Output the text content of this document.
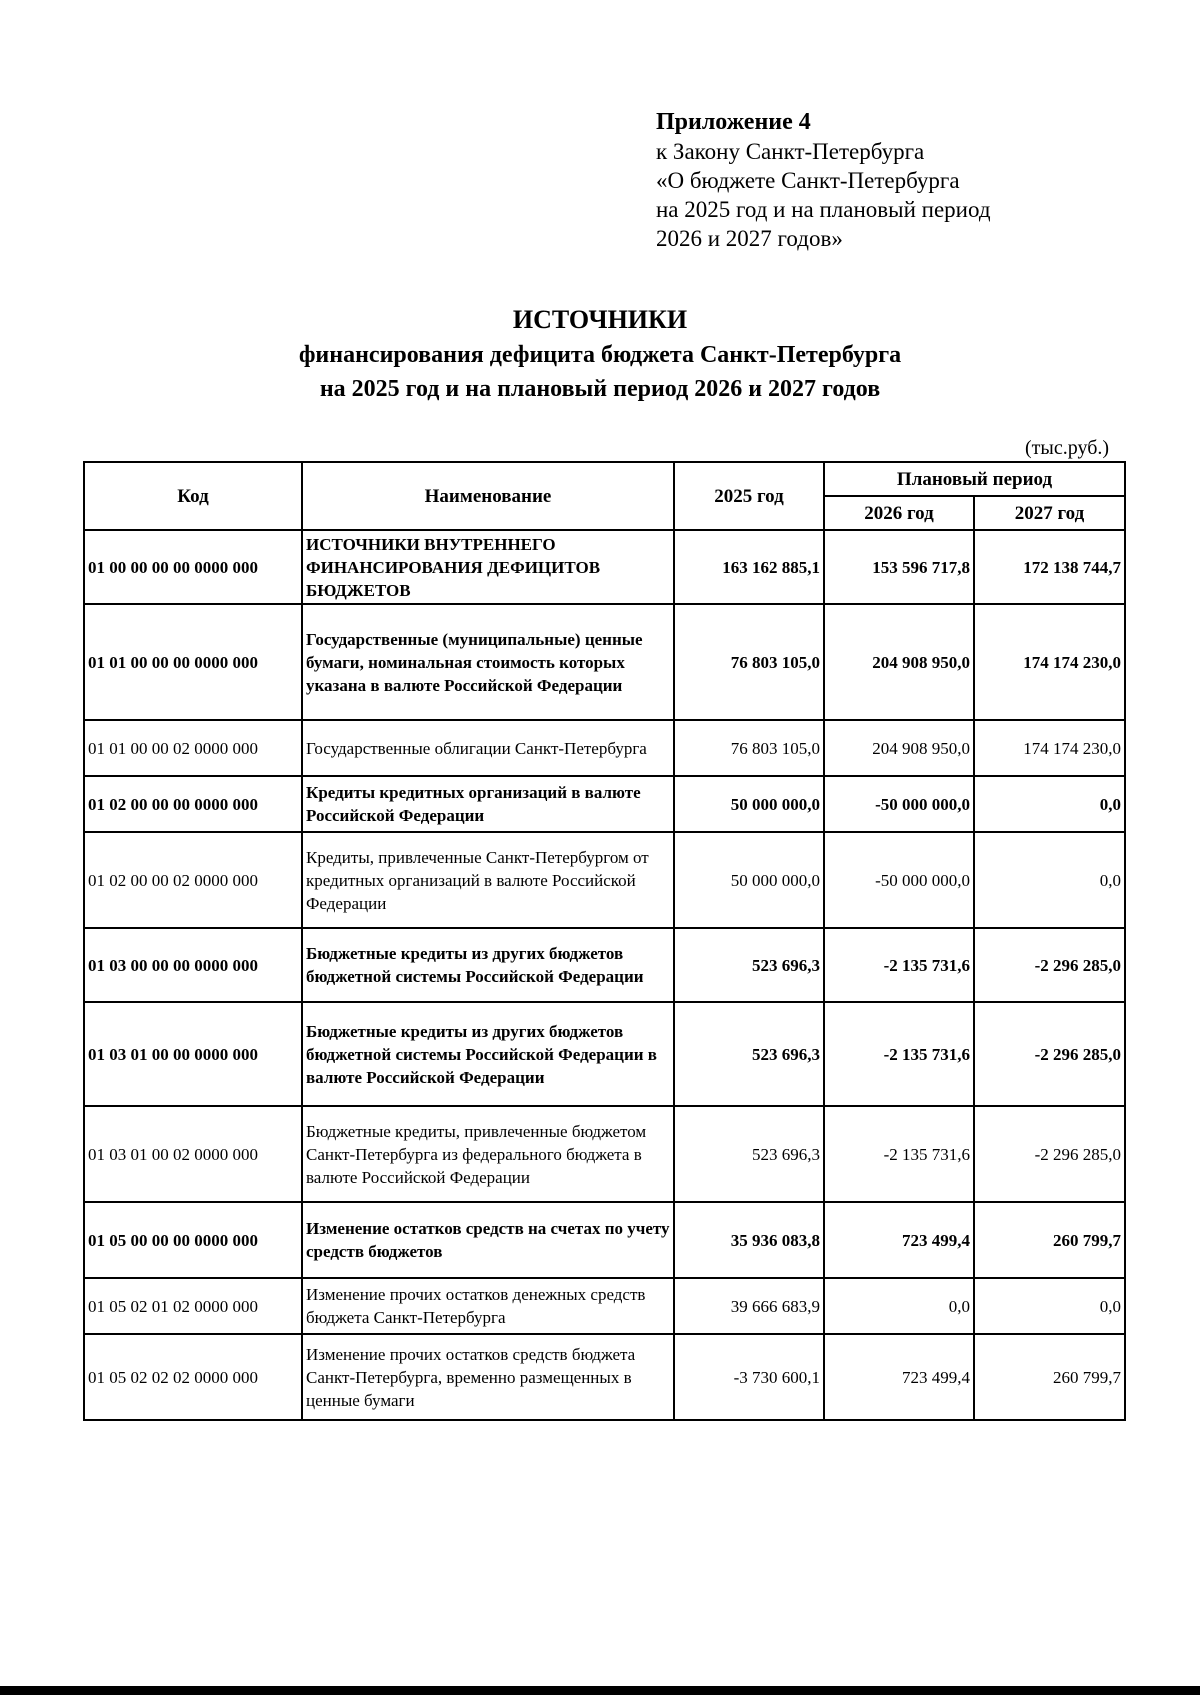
Приложение 4
к Закону Санкт-Петербурга
«О бюджете Санкт-Петербурга
на 2025 год и на плановый период
2026 и 2027 годов»
ИСТОЧНИКИ
финансирования дефицита бюджета Санкт-Петербурга
на 2025 год и на плановый период 2026 и 2027 годов
(тыс.руб.)
Код	Наименование	2025 год	Плановый период	
			2026 год	2027 год
01 00 00 00 00 0000 000	ИСТОЧНИКИ ВНУТРЕННЕГО ФИНАНСИРОВАНИЯ ДЕФИЦИТОВ БЮДЖЕТОВ	163 162 885,1	153 596 717,8	172 138 744,7
01 01 00 00 00 0000 000	Государственные (муниципальные) ценные бумаги, номинальная стоимость которых указана в валюте Российской Федерации	76 803 105,0	204 908 950,0	174 174 230,0
01 01 00 00 02 0000 000	Государственные облигации Санкт-Петербурга	76 803 105,0	204 908 950,0	174 174 230,0
01 02 00 00 00 0000 000	Кредиты кредитных организаций в валюте Российской Федерации	50 000 000,0	-50 000 000,0	0,0
01 02 00 00 02 0000 000	Кредиты, привлеченные Санкт-Петербургом от кредитных организаций в валюте Российской Федерации	50 000 000,0	-50 000 000,0	0,0
01 03 00 00 00 0000 000	Бюджетные кредиты из других бюджетов бюджетной системы Российской Федерации	523 696,3	-2 135 731,6	-2 296 285,0
01 03 01 00 00 0000 000	Бюджетные кредиты из других бюджетов бюджетной системы Российской Федерации в валюте Российской Федерации	523 696,3	-2 135 731,6	-2 296 285,0
01 03 01 00 02 0000 000	Бюджетные кредиты, привлеченные бюджетом Санкт-Петербурга из федерального бюджета в валюте Российской Федерации	523 696,3	-2 135 731,6	-2 296 285,0
01 05 00 00 00 0000 000	Изменение остатков средств на счетах по учету средств бюджетов	35 936 083,8	723 499,4	260 799,7
01 05 02 01 02 0000 000	Изменение прочих остатков денежных средств бюджета Санкт-Петербурга	39 666 683,9	0,0	0,0
01 05 02 02 02 0000 000	Изменение прочих остатков средств бюджета Санкт-Петербурга, временно размещенных в ценные бумаги	-3 730 600,1	723 499,4	260 799,7
